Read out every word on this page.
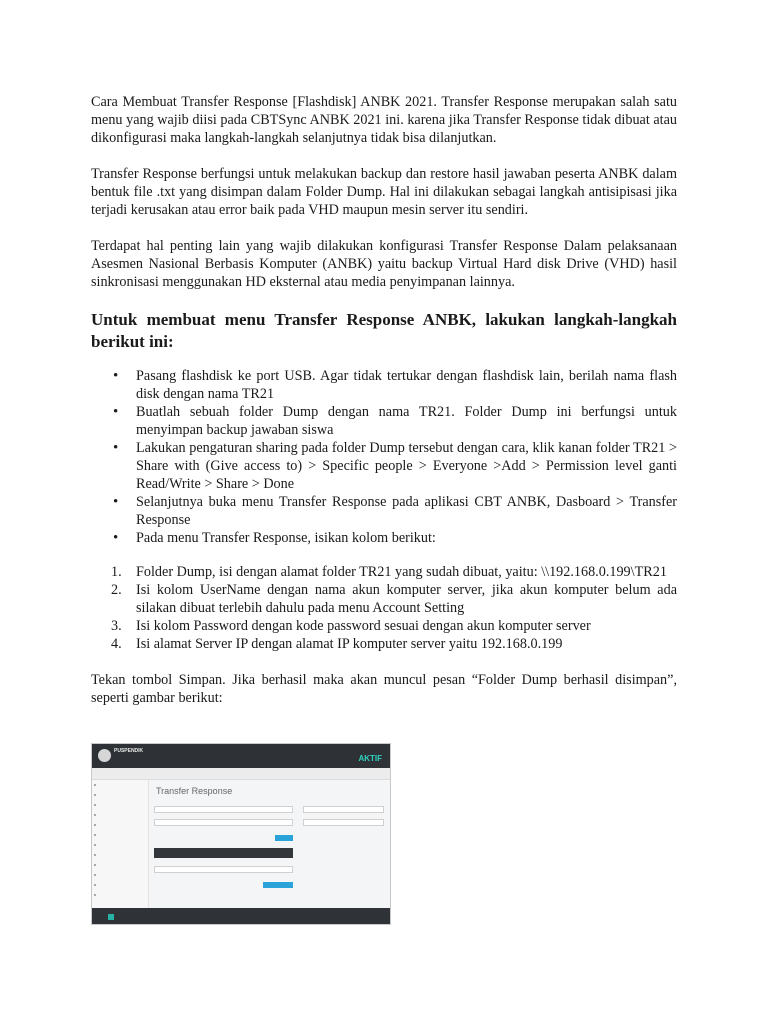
Cara Membuat Transfer Response [Flashdisk] ANBK 2021. Transfer Response merupakan salah satu menu yang wajib diisi pada CBTSync ANBK 2021 ini. karena jika Transfer Response tidak dibuat atau dikonfigurasi maka langkah-langkah selanjutnya tidak bisa dilanjutkan.

Transfer Response berfungsi untuk melakukan backup dan restore hasil jawaban peserta ANBK dalam bentuk file .txt yang disimpan dalam Folder Dump. Hal ini dilakukan sebagai langkah antisipisasi jika terjadi kerusakan atau error baik pada VHD maupun mesin server itu sendiri.

Terdapat hal penting lain yang wajib dilakukan konfigurasi Transfer Response Dalam pelaksanaan Asesmen Nasional Berbasis Komputer (ANBK) yaitu backup Virtual Hard disk Drive (VHD) hasil sinkronisasi menggunakan HD eksternal atau media penyimpanan lainnya.

Untuk membuat menu Transfer Response ANBK, lakukan langkah-langkah berikut ini:
• Pasang flashdisk ke port USB. Agar tidak tertukar dengan flashdisk lain, berilah nama flash disk dengan nama TR21
• Buatlah sebuah folder Dump dengan nama TR21. Folder Dump ini berfungsi untuk menyimpan backup jawaban siswa
• Lakukan pengaturan sharing pada folder Dump tersebut dengan cara, klik kanan folder TR21 > Share with (Give access to) > Specific people > Everyone >Add > Permission level ganti Read/Write > Share > Done
• Selanjutnya buka menu Transfer Response pada aplikasi CBT ANBK, Dasboard > Transfer Response
• Pada menu Transfer Response, isikan kolom berikut:
1. Folder Dump, isi dengan alamat folder TR21 yang sudah dibuat, yaitu: \\192.168.0.199\TR21
2. Isi kolom UserName dengan nama akun komputer server, jika akun komputer belum ada silakan dibuat terlebih dahulu pada menu Account Setting
3. Isi kolom Password dengan kode password sesuai dengan akun komputer server
4. Isi alamat Server IP dengan alamat IP komputer server yaitu 192.168.0.199

Tekan tombol Simpan. Jika berhasil maka akan muncul pesan “Folder Dump berhasil disimpan”, seperti gambar berikut:

PUSPENDIK
AKTIF
Transfer Response
